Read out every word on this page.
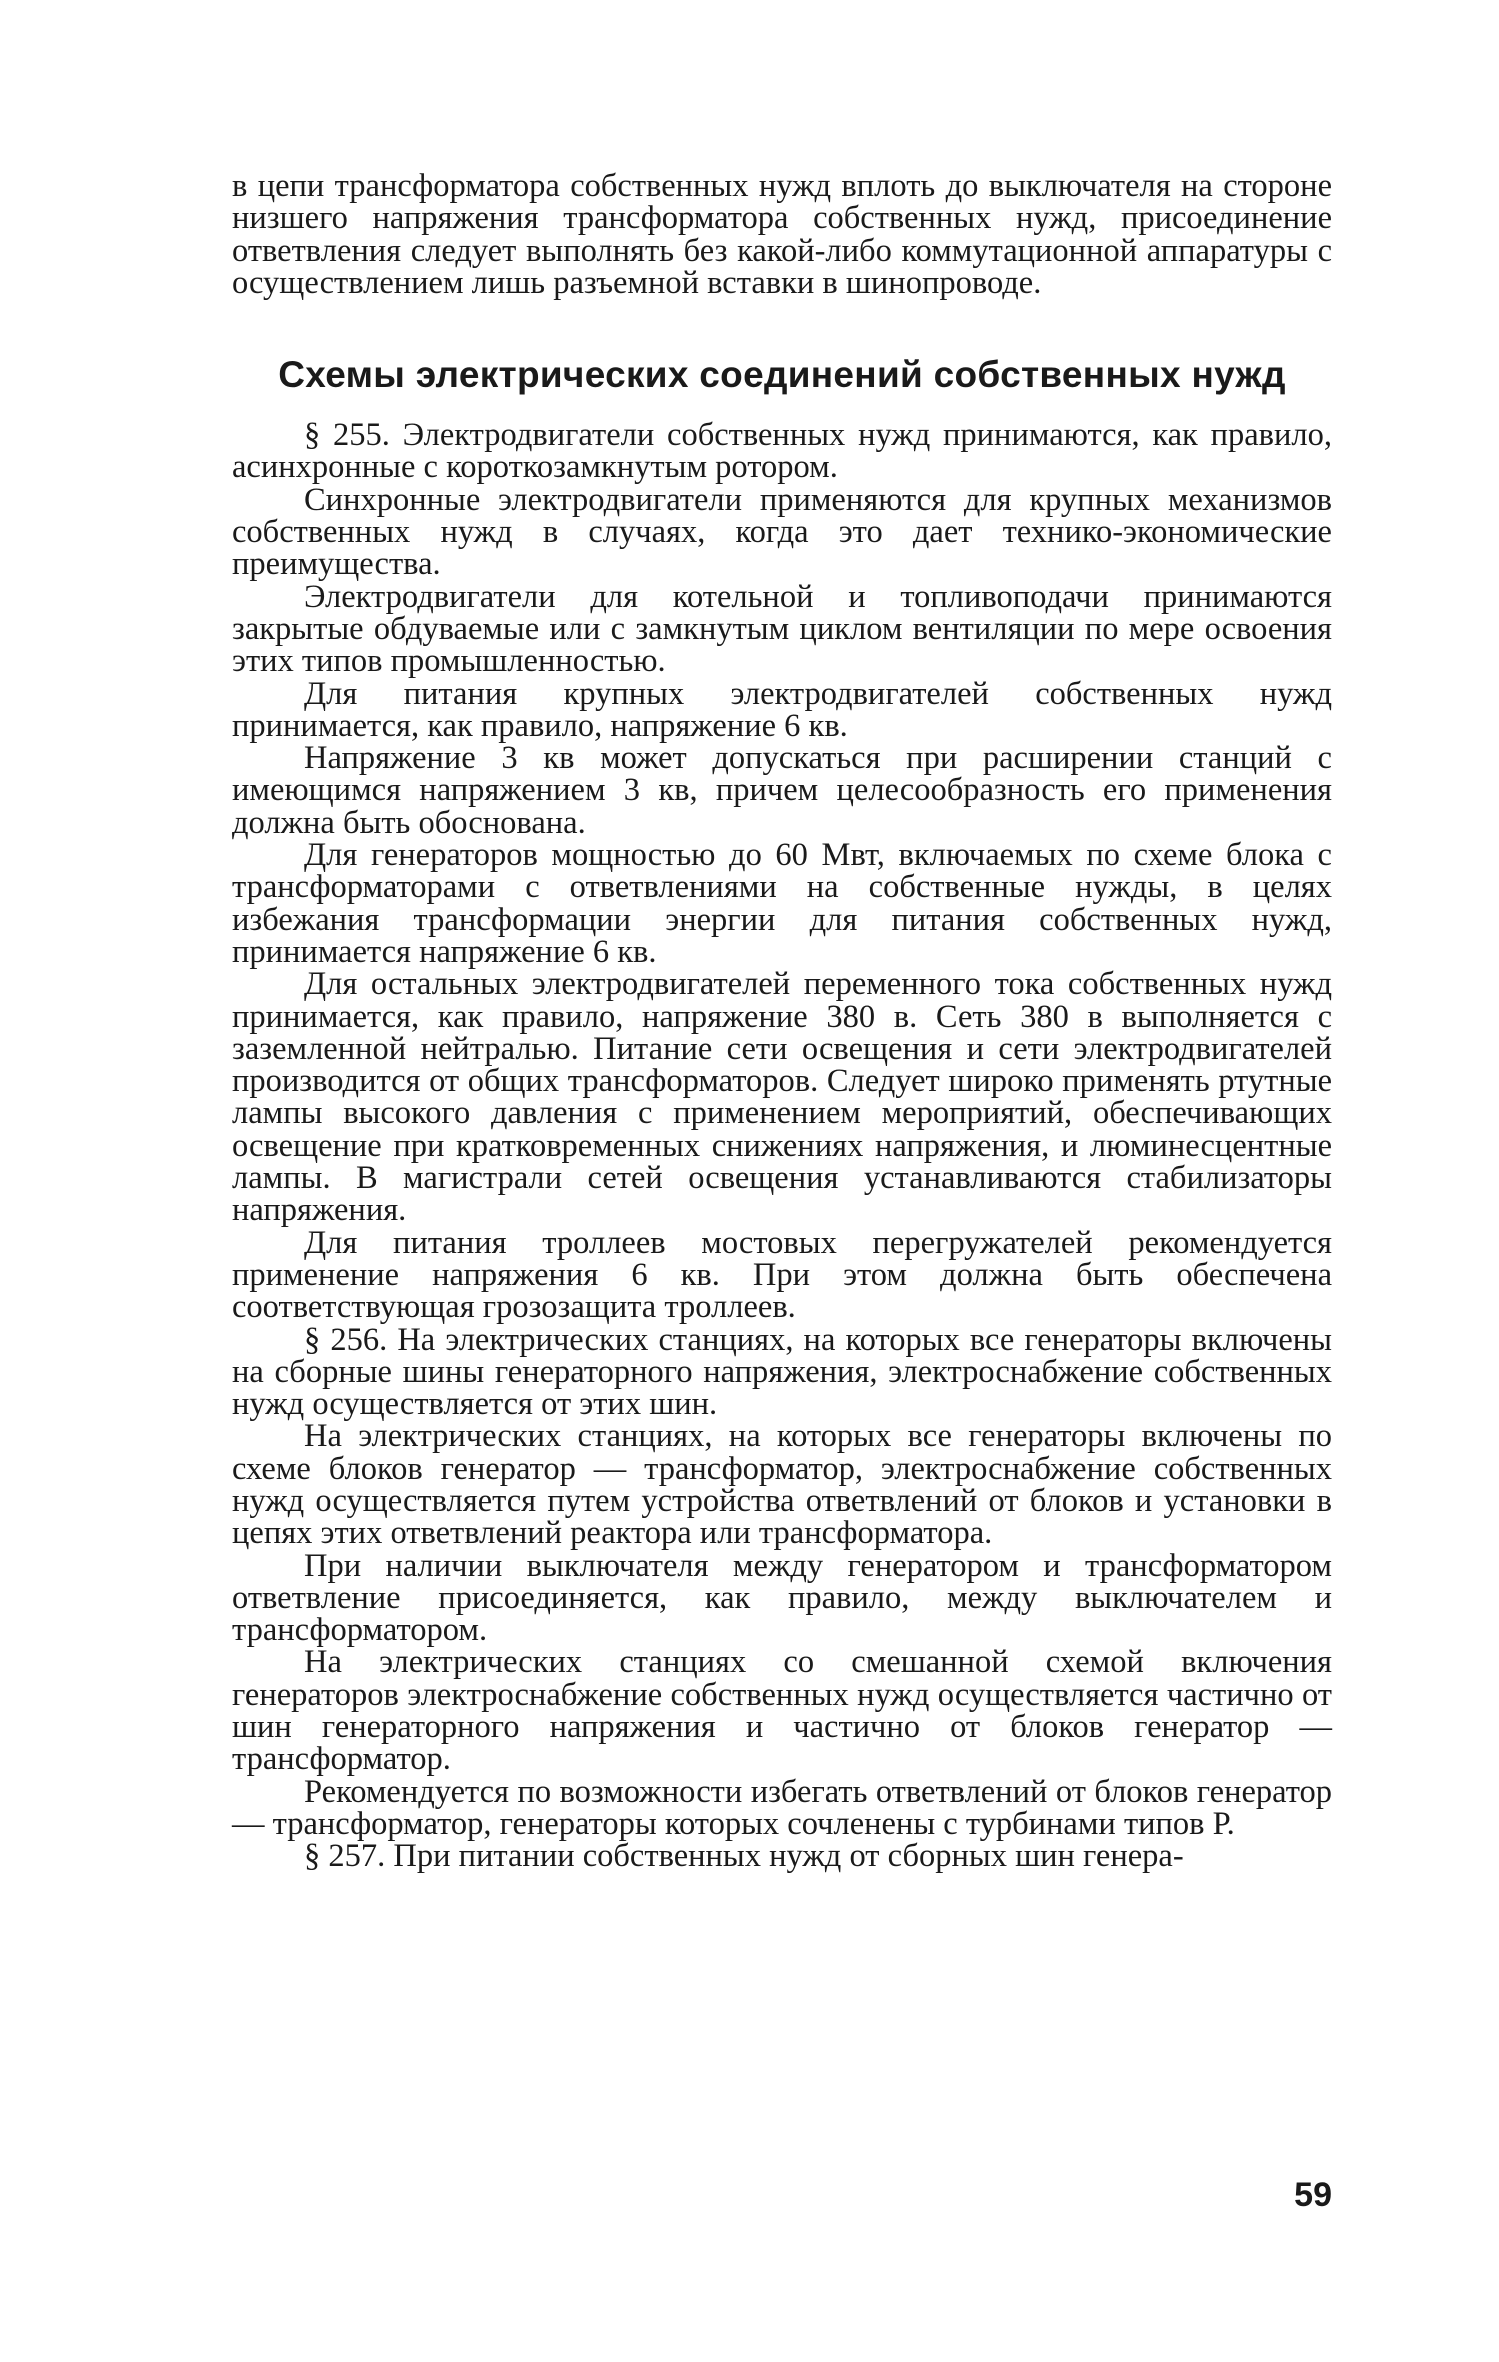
в цепи трансформатора собственных нужд вплоть до выключателя на стороне низшего напряжения трансформатора собственных нужд, присоединение ответвления следует выполнять без какой-либо коммутационной аппаратуры с осуществлением лишь разъемной вставки в шинопроводе.

Схемы электрических соединений собственных нужд

§ 255. Электродвигатели собственных нужд принимаются, как правило, асинхронные с короткозамкнутым ротором.

Синхронные электродвигатели применяются для крупных механизмов собственных нужд в случаях, когда это дает технико-экономические преимущества.

Электродвигатели для котельной и топливоподачи принимаются закрытые обдуваемые или с замкнутым циклом вентиляции по мере освоения этих типов промышленностью.

Для питания крупных электродвигателей собственных нужд принимается, как правило, напряжение 6 кв.

Напряжение 3 кв может допускаться при расширении станций с имеющимся напряжением 3 кв, причем целесообразность его применения должна быть обоснована.

Для генераторов мощностью до 60 Мвт, включаемых по схеме блока с трансформаторами с ответвлениями на собственные нужды, в целях избежания трансформации энергии для питания собственных нужд, принимается напряжение 6 кв.

Для остальных электродвигателей переменного тока собственных нужд принимается, как правило, напряжение 380 в. Сеть 380 в выполняется с заземленной нейтралью. Питание сети освещения и сети электродвигателей производится от общих трансформаторов. Следует широко применять ртутные лампы высокого давления с применением мероприятий, обеспечивающих освещение при кратковременных снижениях напряжения, и люминесцентные лампы. В магистрали сетей освещения устанавливаются стабилизаторы напряжения.

Для питания троллеев мостовых перегружателей рекомендуется применение напряжения 6 кв. При этом должна быть обеспечена соответствующая грозозащита троллеев.

§ 256. На электрических станциях, на которых все генераторы включены на сборные шины генераторного напряжения, электроснабжение собственных нужд осуществляется от этих шин.

На электрических станциях, на которых все генераторы включены по схеме блоков генератор — трансформатор, электроснабжение собственных нужд осуществляется путем устройства ответвлений от блоков и установки в цепях этих ответвлений реактора или трансформатора.

При наличии выключателя между генератором и трансформатором ответвление присоединяется, как правило, между выключателем и трансформатором.

На электрических станциях со смешанной схемой включения генераторов электроснабжение собственных нужд осуществляется частично от шин генераторного напряжения и частично от блоков генератор — трансформатор.

Рекомендуется по возможности избегать ответвлений от блоков генератор — трансформатор, генераторы которых сочленены с турбинами типов Р.

§ 257. При питании собственных нужд от сборных шин генера-

59
